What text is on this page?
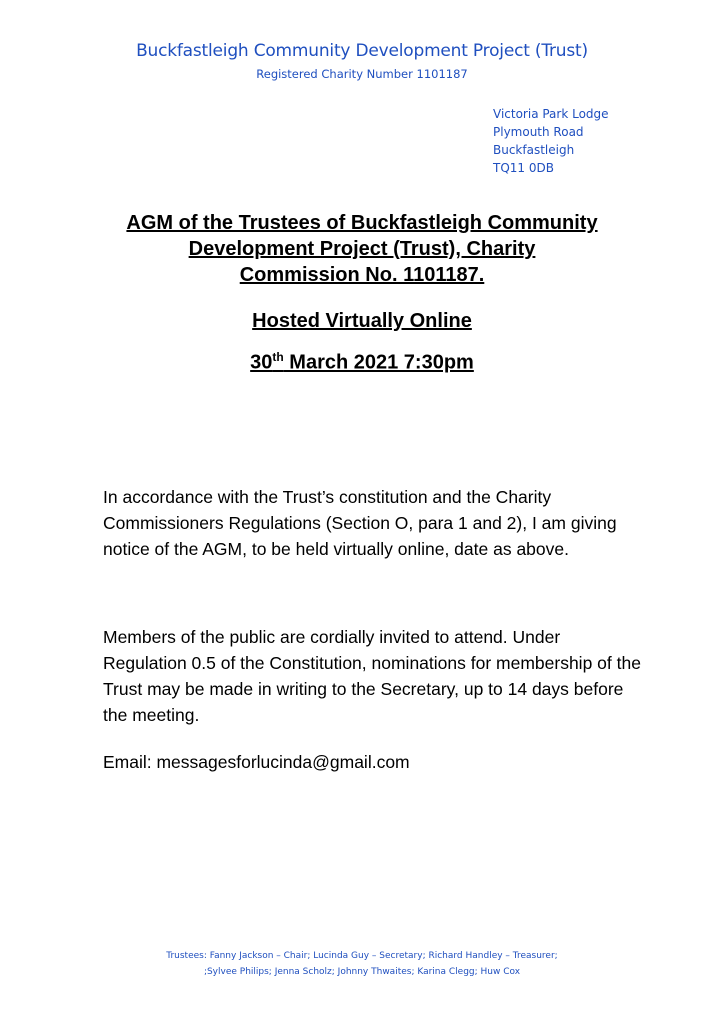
Buckfastleigh Community Development Project (Trust)
Registered Charity Number 1101187
Victoria Park Lodge
Plymouth Road
Buckfastleigh
TQ11 0DB
AGM of the Trustees of Buckfastleigh Community
Development Project (Trust), Charity
Commission No. 1101187.
Hosted Virtually Online
30th March 2021 7:30pm
In accordance with the Trust’s constitution and the Charity Commissioners Regulations (Section O, para 1 and 2), I am giving notice of the AGM, to be held virtually online, date as above.
Members of the public are cordially invited to attend. Under Regulation 0.5 of the Constitution, nominations for membership of the Trust may be made in writing to the Secretary, up to 14 days before the meeting.
Email: messagesforlucinda@gmail.com
Trustees: Fanny Jackson – Chair; Lucinda Guy – Secretary; Richard Handley – Treasurer;
;Sylvee Philips; Jenna Scholz; Johnny Thwaites; Karina Clegg; Huw Cox
